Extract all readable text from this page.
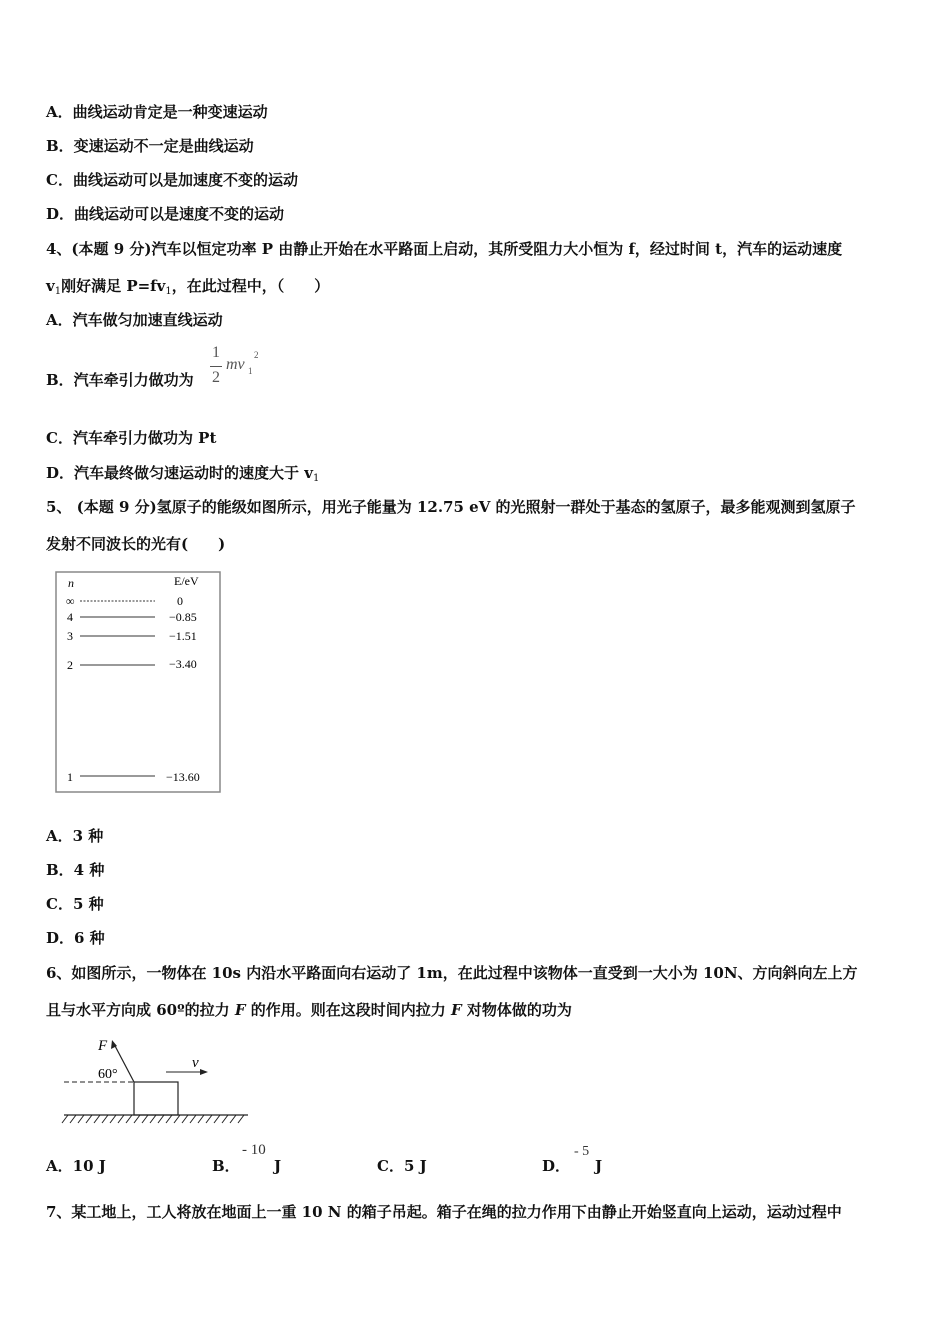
A．曲线运动肯定是一种变速运动
B．变速运动不一定是曲线运动
C．曲线运动可以是加速度不变的运动
D．曲线运动可以是速度不变的运动
4、(本题 9 分)汽车以恒定功率 P 由静止开始在水平路面上启动，其所受阻力大小恒为 f，经过时间 t，汽车的运动速度
$v_1$刚好满足 $P=fv_1$，在此过程中，（　　）
A．汽车做匀加速直线运动
B．汽车牵引力做功为
1
2
mv 1
2
C．汽车牵引力做功为 Pt
D．汽车最终做匀速运动时的速度大于 $v_1$
5、 (本题 9 分)氢原子的能级如图所示，用光子能量为 12.75 eV 的光照射一群处于基态的氢原子，最多能观测到氢原子
发射不同波长的光有(　　)
n	E/eV
∞	0
4	−0.85
3	−1.51
2	−3.40
1	−13.60
A．3 种
B．4 种
C．5 种
D．6 种
6、如图所示，一物体在 10s 内沿水平路面向右运动了 1m，在此过程中该物体一直受到一大小为 10N、方向斜向左上方
且与水平方向成 60º的拉力 F 的作用。则在这段时间内拉力 F 对物体做的功为
F
60°
v
A．10 J	B．
- 10
J	C．5 J	D．
- 5
J
7、某工地上，工人将放在地面上一重 10 N 的箱子吊起。箱子在绳的拉力作用下由静止开始竖直向上运动，运动过程中
